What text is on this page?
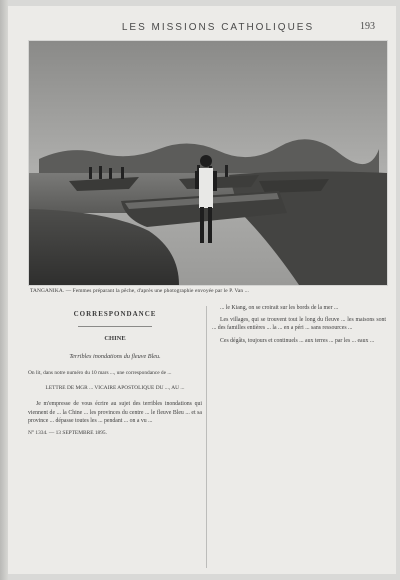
LES MISSIONS CATHOLIQUES	193
TANGANIKA. — Femmes préparant la pêche, d'après une photographie envoyée par le P. Van ...
CORRESPONDANCE
CHINE
Terribles inondations du fleuve Bleu.
On lit, dans notre numéro du 10 mars ..., une correspondance de ...
LETTRE DE MGR ... VICAIRE APOSTOLIQUE DU ..., AU ...
Je m'empresse de vous écrire au sujet des terribles inondations qui viennent de ... la Chine ... les provinces du centre ... le fleuve Bleu ... et sa province ... dépasse toutes les ... pendant ... on a vu ...
N° 1334. — 13 SEPTEMBRE 1895.
... le Kiang, on se croirait sur les bords de la mer ...
Les villages, qui se trouvent tout le long du fleuve ... les maisons sont ... des familles entières ... la ... en a péri ... sans ressources ...
Ces dégâts, toujours et continuels ... aux terres ... par les ... eaux ...
